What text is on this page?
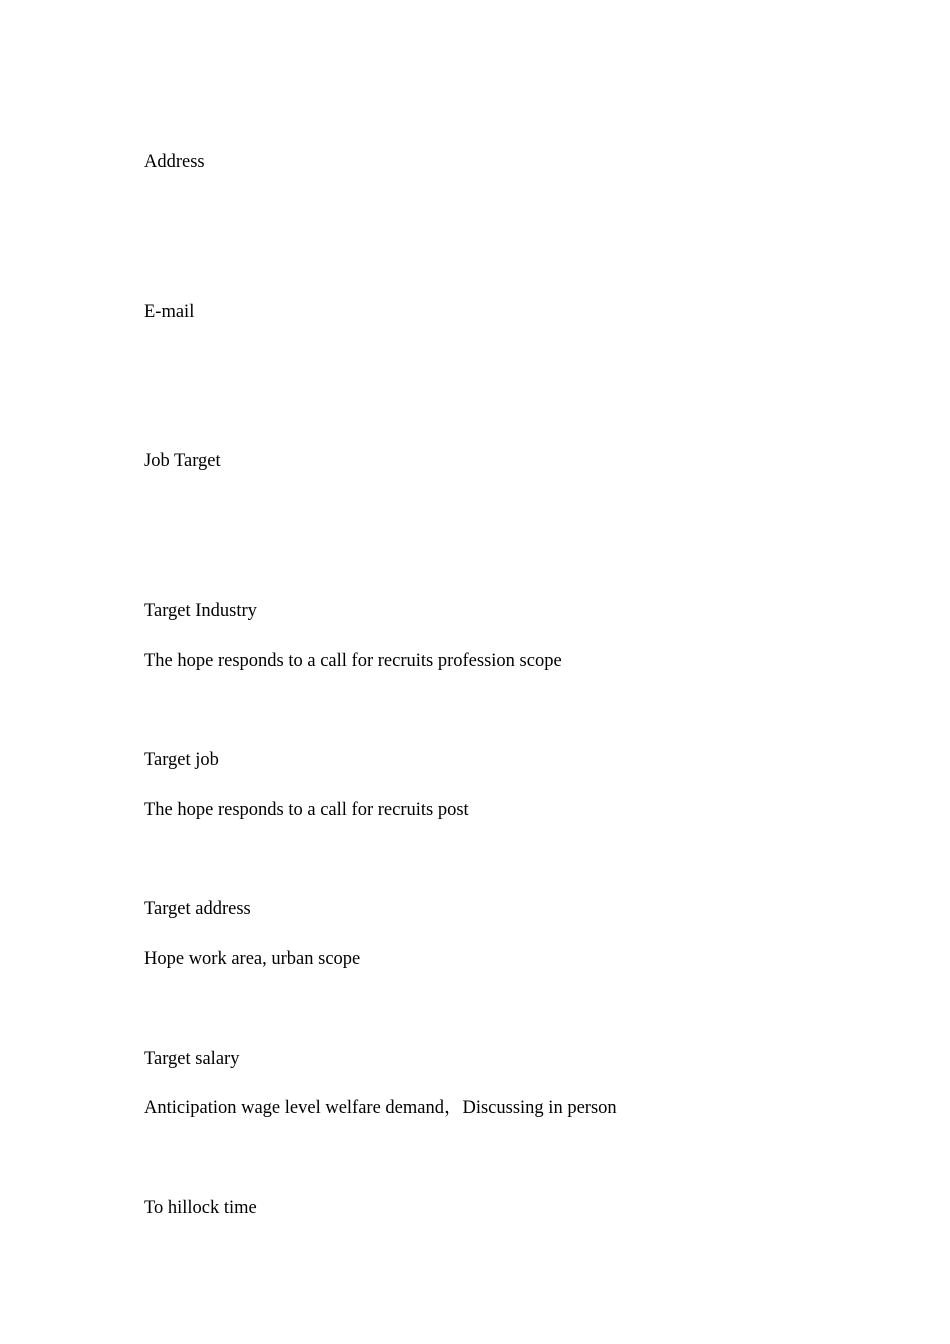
Address
E-mail
Job Target
Target Industry
The hope responds to a call for recruits profession scope
Target job
The hope responds to a call for recruits post
Target address
Hope work area, urban scope
Target salary
Anticipation wage level welfare demand，Discussing in person
To hillock time
